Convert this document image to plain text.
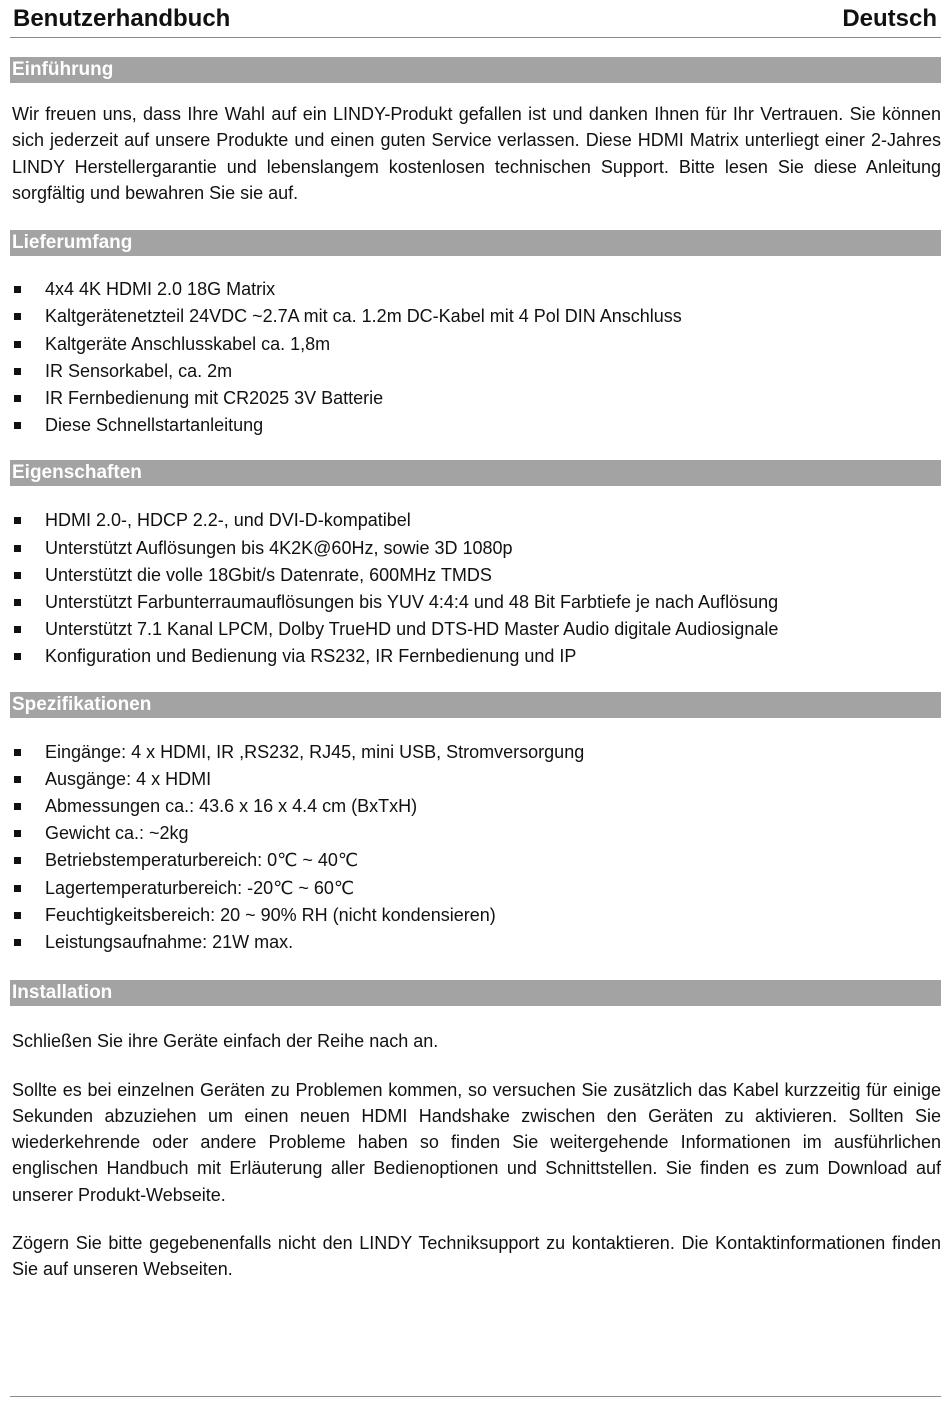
Benutzerhandbuch	Deutsch
Einführung

Wir freuen uns, dass Ihre Wahl auf ein LINDY-Produkt gefallen ist und danken Ihnen für Ihr Vertrauen. Sie können sich jederzeit auf unsere Produkte und einen guten Service verlassen. Diese HDMI Matrix unterliegt einer 2-Jahres LINDY Herstellergarantie und lebenslangem kostenlosen technischen Support. Bitte lesen Sie diese Anleitung sorgfältig und bewahren Sie sie auf.

Lieferumfang
4x4 4K HDMI 2.0 18G Matrix
Kaltgerätenetzteil 24VDC ~2.7A mit ca. 1.2m DC-Kabel mit 4 Pol DIN Anschluss
Kaltgeräte Anschlusskabel ca. 1,8m
IR Sensorkabel, ca. 2m
IR Fernbedienung mit CR2025 3V Batterie
Diese Schnellstartanleitung
Eigenschaften
HDMI 2.0-, HDCP 2.2-, und DVI-D-kompatibel
Unterstützt Auflösungen bis 4K2K@60Hz, sowie 3D 1080p
Unterstützt die volle 18Gbit/s Datenrate, 600MHz TMDS
Unterstützt Farbunterraumauflösungen bis YUV 4:4:4 und 48 Bit Farbtiefe je nach Auflösung
Unterstützt 7.1 Kanal LPCM, Dolby TrueHD und DTS-HD Master Audio digitale Audiosignale
Konfiguration und Bedienung via RS232, IR Fernbedienung und IP
Spezifikationen
Eingänge: 4 x HDMI, IR ,RS232, RJ45, mini USB, Stromversorgung
Ausgänge: 4 x HDMI
Abmessungen ca.: 43.6 x 16 x 4.4 cm (BxTxH)
Gewicht ca.: ~2kg
Betriebstemperaturbereich: 0℃ ~ 40℃
Lagertemperaturbereich: -20℃ ~ 60℃
Feuchtigkeitsbereich: 20 ~ 90% RH (nicht kondensieren)
Leistungsaufnahme: 21W max.
Installation

Schließen Sie ihre Geräte einfach der Reihe nach an.

Sollte es bei einzelnen Geräten zu Problemen kommen, so versuchen Sie zusätzlich das Kabel kurzzeitig für einige Sekunden abzuziehen um einen neuen HDMI Handshake zwischen den Geräten zu aktivieren. Sollten Sie wiederkehrende oder andere Probleme haben so finden Sie weitergehende Informationen im ausführlichen englischen Handbuch mit Erläuterung aller Bedienoptionen und Schnittstellen. Sie finden es zum Download auf unserer Produkt-Webseite.

Zögern Sie bitte gegebenenfalls nicht den LINDY Techniksupport zu kontaktieren. Die Kontaktinformationen finden Sie auf unseren Webseiten.
